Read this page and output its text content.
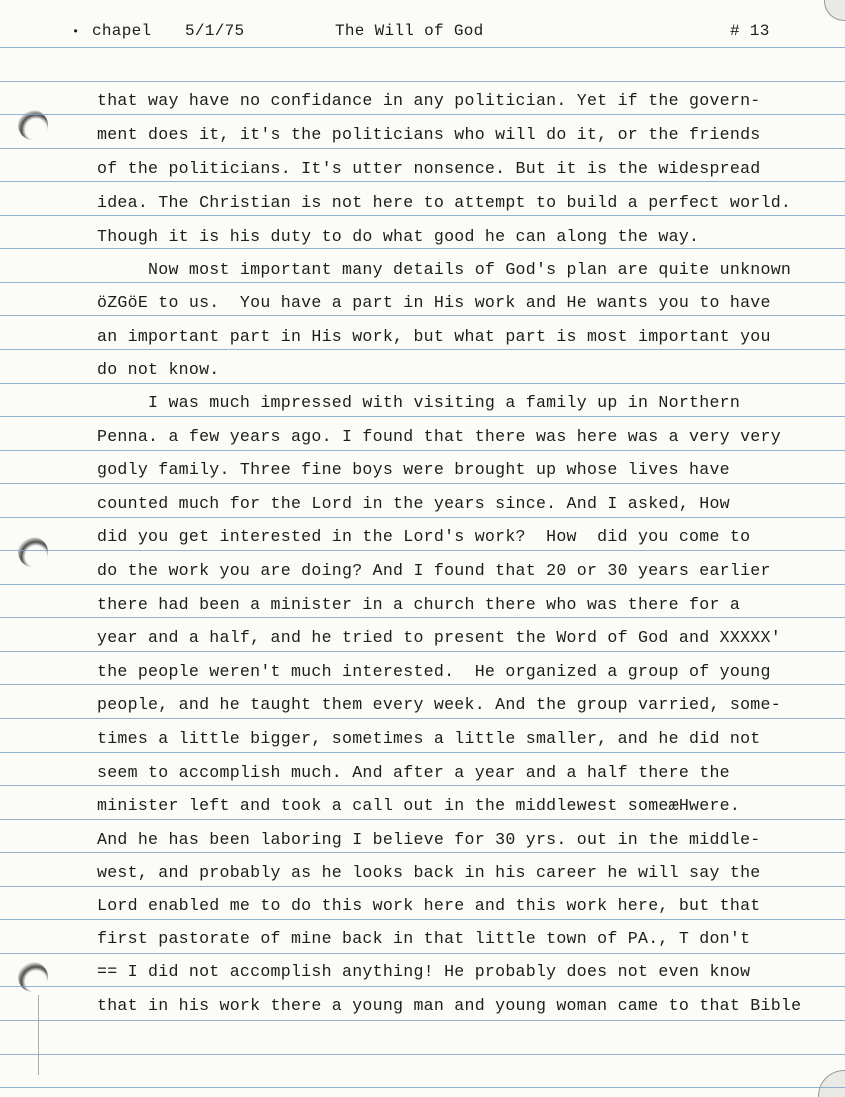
• chapel 5/1/75	The Will of God	# 13
that way have no confidance in any politician. Yet if the govern-
ment does it, it's the politicians who will do it, or the friends
of the politicians. It's utter nonsence. But it is the widespread
idea. The Christian is not here to attempt to build a perfect world.
Though it is his duty to do what good he can along the way.
Now most important many details of God's plan are quite unknown
öZGöE to us.  You have a part in His work and He wants you to have
an important part in His work, but what part is most important you
do not know.
I was much impressed with visiting a family up in Northern
Penna. a few years ago. I found that there was here was a very very
godly family. Three fine boys were brought up whose lives have
counted much for the Lord in the years since. And I asked, How
did you get interested in the Lord's work?  How  did you come to
do the work you are doing? And I found that 20 or 30 years earlier
there had been a minister in a church there who was there for a
year and a half, and he tried to present the Word of God and XXXXX'
the people weren't much interested.  He organized a group of young
people, and he taught them every week. And the group varried, some-
times a little bigger, sometimes a little smaller, and he did not
seem to accomplish much. And after a year and a half there the
minister left and took a call out in the middlewest someæHwere.
And he has been laboring I believe for 30 yrs. out in the middle-
west, and probably as he looks back in his career he will say the
Lord enabled me to do this work here and this work here, but that
first pastorate of mine back in that little town of PA., T don't
== I did not accomplish anything! He probably does not even know
that in his work there a young man and young woman came to that Bible
